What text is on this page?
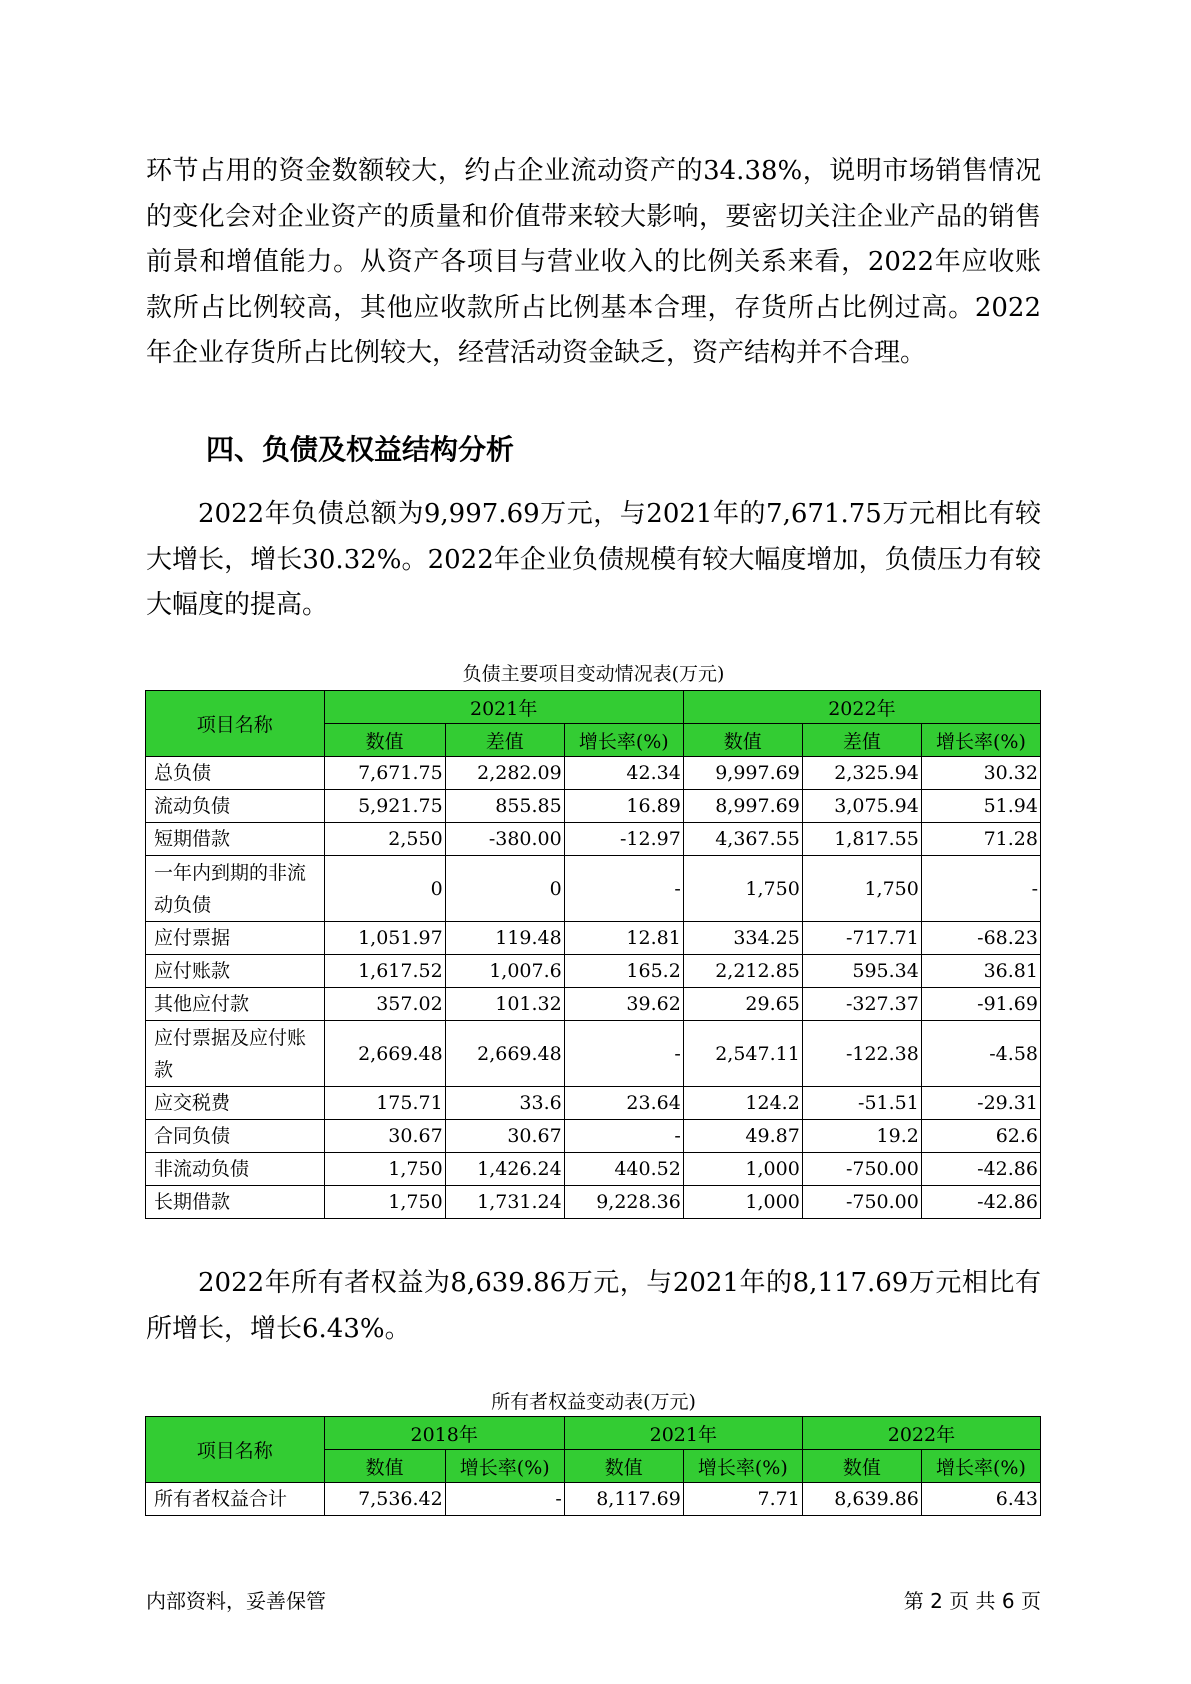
环节占用的资金数额较大，约占企业流动资产的34.38%，说明市场销售情况的变化会对企业资产的质量和价值带来较大影响，要密切关注企业产品的销售前景和增值能力。从资产各项目与营业收入的比例关系来看，2022年应收账款所占比例较高，其他应收款所占比例基本合理，存货所占比例过高。2022年企业存货所占比例较大，经营活动资金缺乏，资产结构并不合理。

四、负债及权益结构分析

2022年负债总额为9,997.69万元，与2021年的7,671.75万元相比有较大增长，增长30.32%。2022年企业负债规模有较大幅度增加，负债压力有较大幅度的提高。

负债主要项目变动情况表(万元)
项目名称	2021年			2022年		
	数值	差值	增长率(%)	数值	差值	增长率(%)
总负债	7,671.75	2,282.09	42.34	9,997.69	2,325.94	30.32
流动负债	5,921.75	855.85	16.89	8,997.69	3,075.94	51.94
短期借款	2,550	-380.00	-12.97	4,367.55	1,817.55	71.28
一年内到期的非流动负债	0	0	-	1,750	1,750	-
应付票据	1,051.97	119.48	12.81	334.25	-717.71	-68.23
应付账款	1,617.52	1,007.6	165.2	2,212.85	595.34	36.81
其他应付款	357.02	101.32	39.62	29.65	-327.37	-91.69
应付票据及应付账款	2,669.48	2,669.48	-	2,547.11	-122.38	-4.58
应交税费	175.71	33.6	23.64	124.2	-51.51	-29.31
合同负债	30.67	30.67	-	49.87	19.2	62.6
非流动负债	1,750	1,426.24	440.52	1,000	-750.00	-42.86
长期借款	1,750	1,731.24	9,228.36	1,000	-750.00	-42.86

2022年所有者权益为8,639.86万元，与2021年的8,117.69万元相比有所增长，增长6.43%。

所有者权益变动表(万元)
项目名称	2018年		2021年		2022年	
	数值	增长率(%)	数值	增长率(%)	数值	增长率(%)
所有者权益合计	7,536.42	-	8,117.69	7.71	8,639.86	6.43
内部资料，妥善保管	第 2 页 共 6 页
